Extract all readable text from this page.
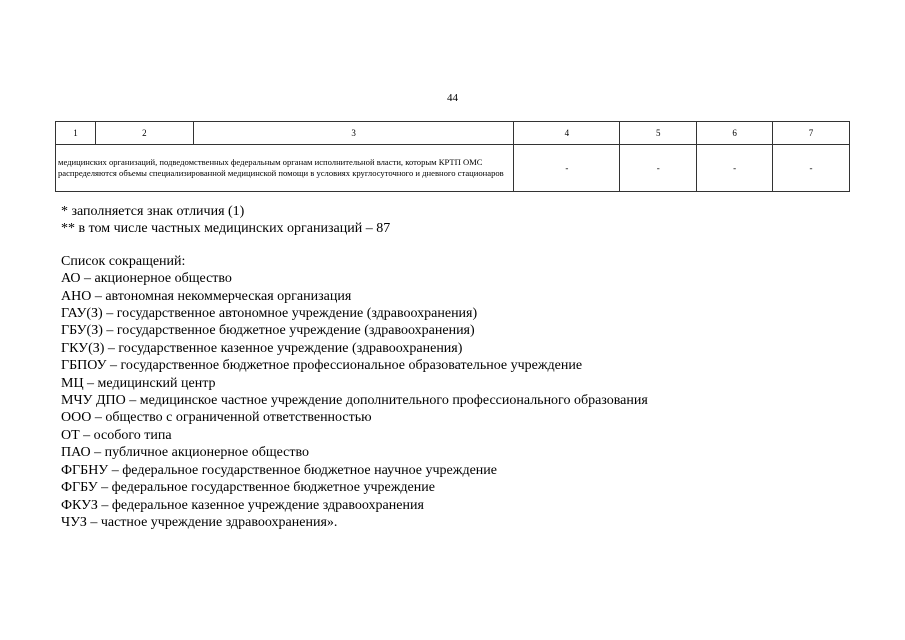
44
1	2	3	4	5	6	7
медицинских организаций, подведомственных федеральным органам исполнительной власти, которым КРТП ОМС распределяются объемы специализированной медицинской помощи в условиях круглосуточного и дневного стационаров			-	-	-	-
* заполняется знак отличия (1)
** в том числе частных медицинских организаций – 87
Список сокращений:
АО – акционерное общество
АНО – автономная некоммерческая организация
ГАУ(З) – государственное автономное учреждение (здравоохранения)
ГБУ(З) – государственное бюджетное учреждение (здравоохранения)
ГКУ(З) – государственное казенное учреждение (здравоохранения)
ГБПОУ – государственное бюджетное профессиональное образовательное учреждение
МЦ – медицинский центр
МЧУ ДПО – медицинское частное учреждение дополнительного профессионального образования
ООО – общество с ограниченной ответственностью
ОТ – особого типа
ПАО – публичное акционерное общество
ФГБНУ – федеральное государственное бюджетное научное учреждение
ФГБУ – федеральное государственное бюджетное учреждение
ФКУЗ – федеральное казенное учреждение здравоохранения
ЧУЗ – частное учреждение здравоохранения».
